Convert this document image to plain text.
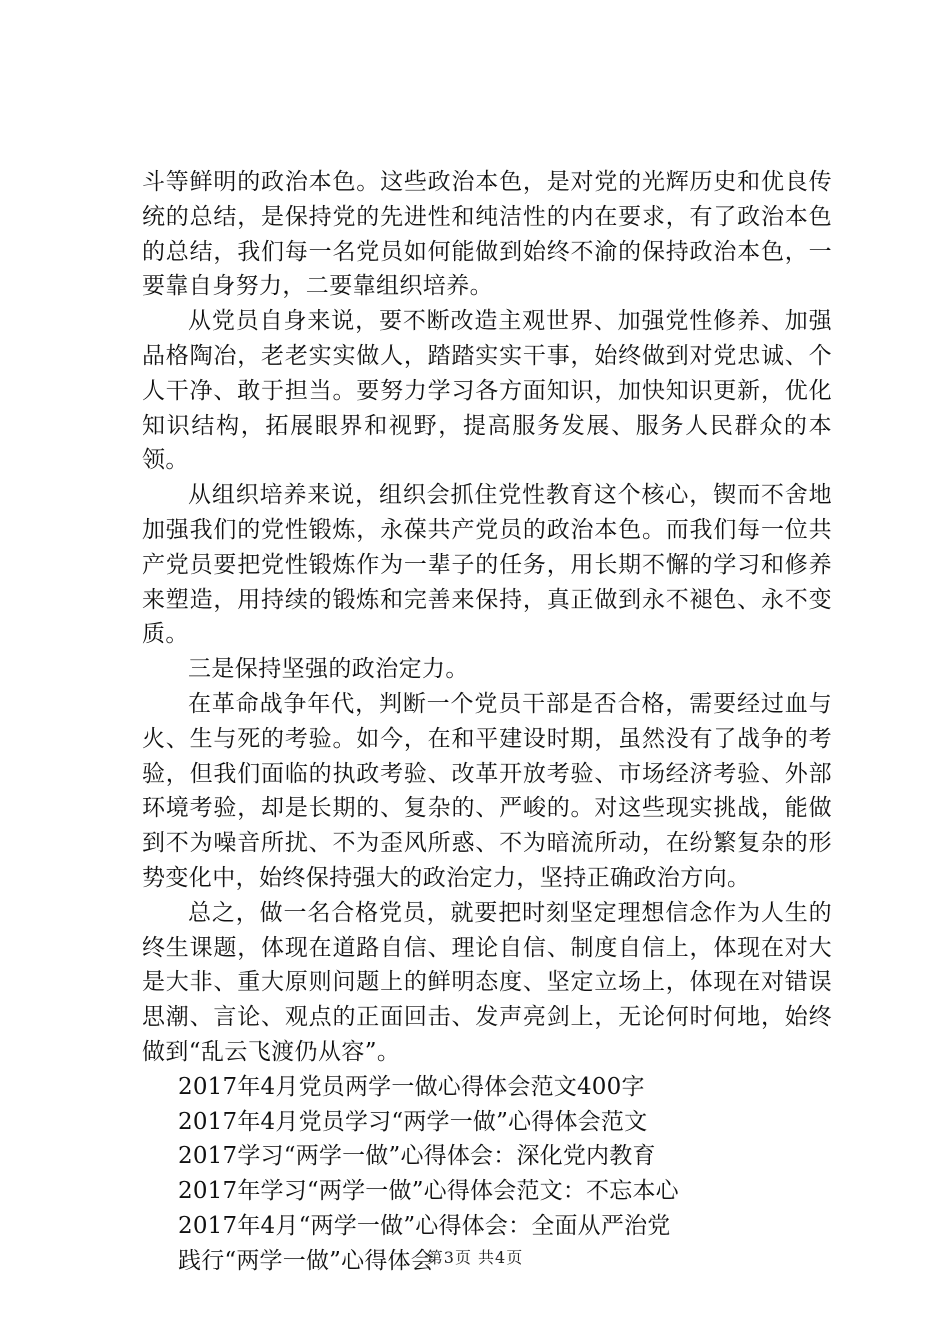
斗等鲜明的政治本色。这些政治本色，是对党的光辉历史和优良传统的总结，是保持党的先进性和纯洁性的内在要求，有了政治本色的总结，我们每一名党员如何能做到始终不渝的保持政治本色，一要靠自身努力，二要靠组织培养。

从党员自身来说，要不断改造主观世界、加强党性修养、加强品格陶冶，老老实实做人，踏踏实实干事，始终做到对党忠诚、个人干净、敢于担当。要努力学习各方面知识，加快知识更新，优化知识结构，拓展眼界和视野，提高服务发展、服务人民群众的本领。

从组织培养来说，组织会抓住党性教育这个核心，锲而不舍地加强我们的党性锻炼，永葆共产党员的政治本色。而我们每一位共产党员要把党性锻炼作为一辈子的任务，用长期不懈的学习和修养来塑造，用持续的锻炼和完善来保持，真正做到永不褪色、永不变质。

三是保持坚强的政治定力。

在革命战争年代，判断一个党员干部是否合格，需要经过血与火、生与死的考验。如今，在和平建设时期，虽然没有了战争的考验，但我们面临的执政考验、改革开放考验、市场经济考验、外部环境考验，却是长期的、复杂的、严峻的。对这些现实挑战，能做到不为噪音所扰、不为歪风所惑、不为暗流所动，在纷繁复杂的形势变化中，始终保持强大的政治定力，坚持正确政治方向。

总之，做一名合格党员，就要把时刻坚定理想信念作为人生的终生课题，体现在道路自信、理论自信、制度自信上，体现在对大是大非、重大原则问题上的鲜明态度、坚定立场上，体现在对错误思潮、言论、观点的正面回击、发声亮剑上，无论何时何地，始终做到“乱云飞渡仍从容”。

2017年4月党员两学一做心得体会范文400字
2017年4月党员学习“两学一做”心得体会范文
2017学习“两学一做”心得体会：深化党内教育
2017年学习“两学一做”心得体会范文：不忘本心
2017年4月“两学一做”心得体会：全面从严治党
践行“两学一做”心得体会
第3页 共4页
